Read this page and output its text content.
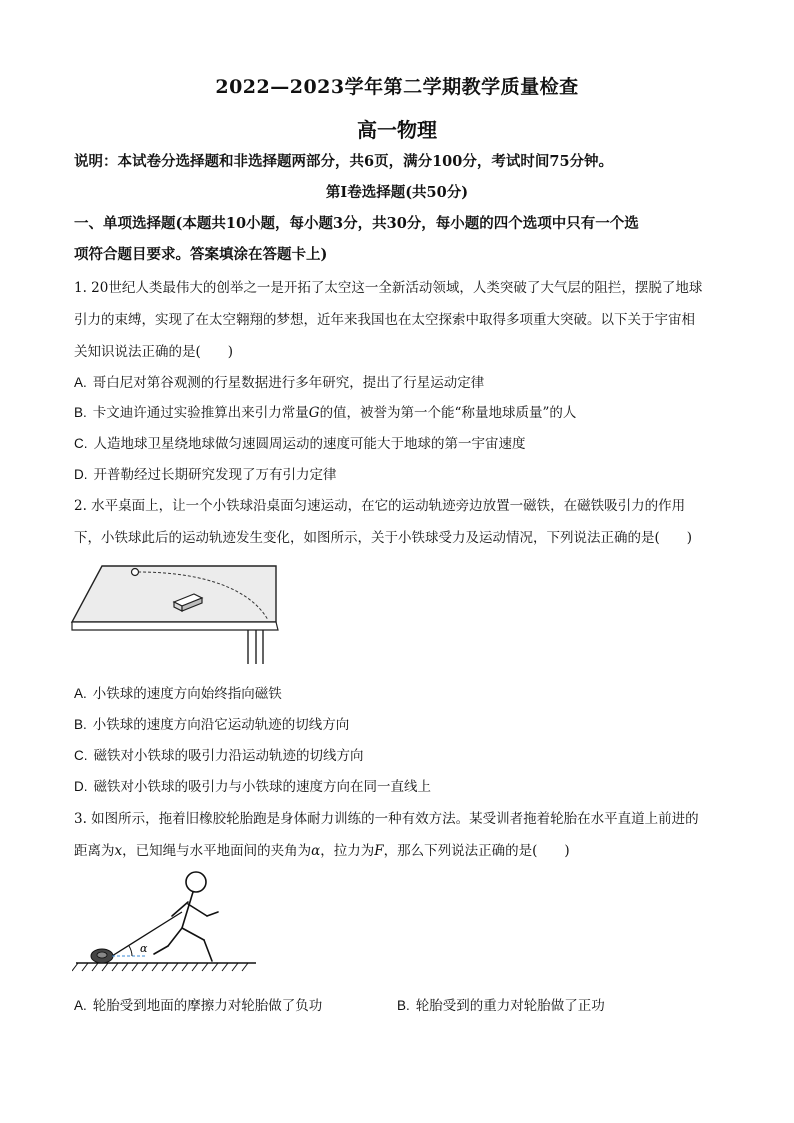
2022—2023学年第二学期教学质量检查
高一物理
说明：本试卷分选择题和非选择题两部分，共6页，满分100分，考试时间75分钟。
第Ⅰ卷选择题(共50分)
一、单项选择题(本题共10小题，每小题3分，共30分，每小题的四个选项中只有一个选
项符合题目要求。答案填涂在答题卡上)
1. 20世纪人类最伟大的创举之一是开拓了太空这一全新活动领域，人类突破了大气层的阻拦，摆脱了地球
引力的束缚，实现了在太空翱翔的梦想，近年来我国也在太空探索中取得多项重大突破。以下关于宇宙相
关知识说法正确的是(　　)
A. 哥白尼对第谷观测的行星数据进行多年研究，提出了行星运动定律
B. 卡文迪许通过实验推算出来引力常量G的值，被誉为第一个能“称量地球质量”的人
C. 人造地球卫星绕地球做匀速圆周运动的速度可能大于地球的第一宇宙速度
D. 开普勒经过长期研究发现了万有引力定律
2. 水平桌面上，让一个小铁球沿桌面匀速运动，在它的运动轨迹旁边放置一磁铁，在磁铁吸引力的作用
下，小铁球此后的运动轨迹发生变化，如图所示，关于小铁球受力及运动情况，下列说法正确的是(　　)
A. 小铁球的速度方向始终指向磁铁
B. 小铁球的速度方向沿它运动轨迹的切线方向
C. 磁铁对小铁球的吸引力沿运动轨迹的切线方向
D. 磁铁对小铁球的吸引力与小铁球的速度方向在同一直线上
3. 如图所示，拖着旧橡胶轮胎跑是身体耐力训练的一种有效方法。某受训者拖着轮胎在水平直道上前进的
距离为x，已知绳与水平地面间的夹角为α，拉力为F，那么下列说法正确的是(　　)
α
A. 轮胎受到地面的摩擦力对轮胎做了负功	B. 轮胎受到的重力对轮胎做了正功
